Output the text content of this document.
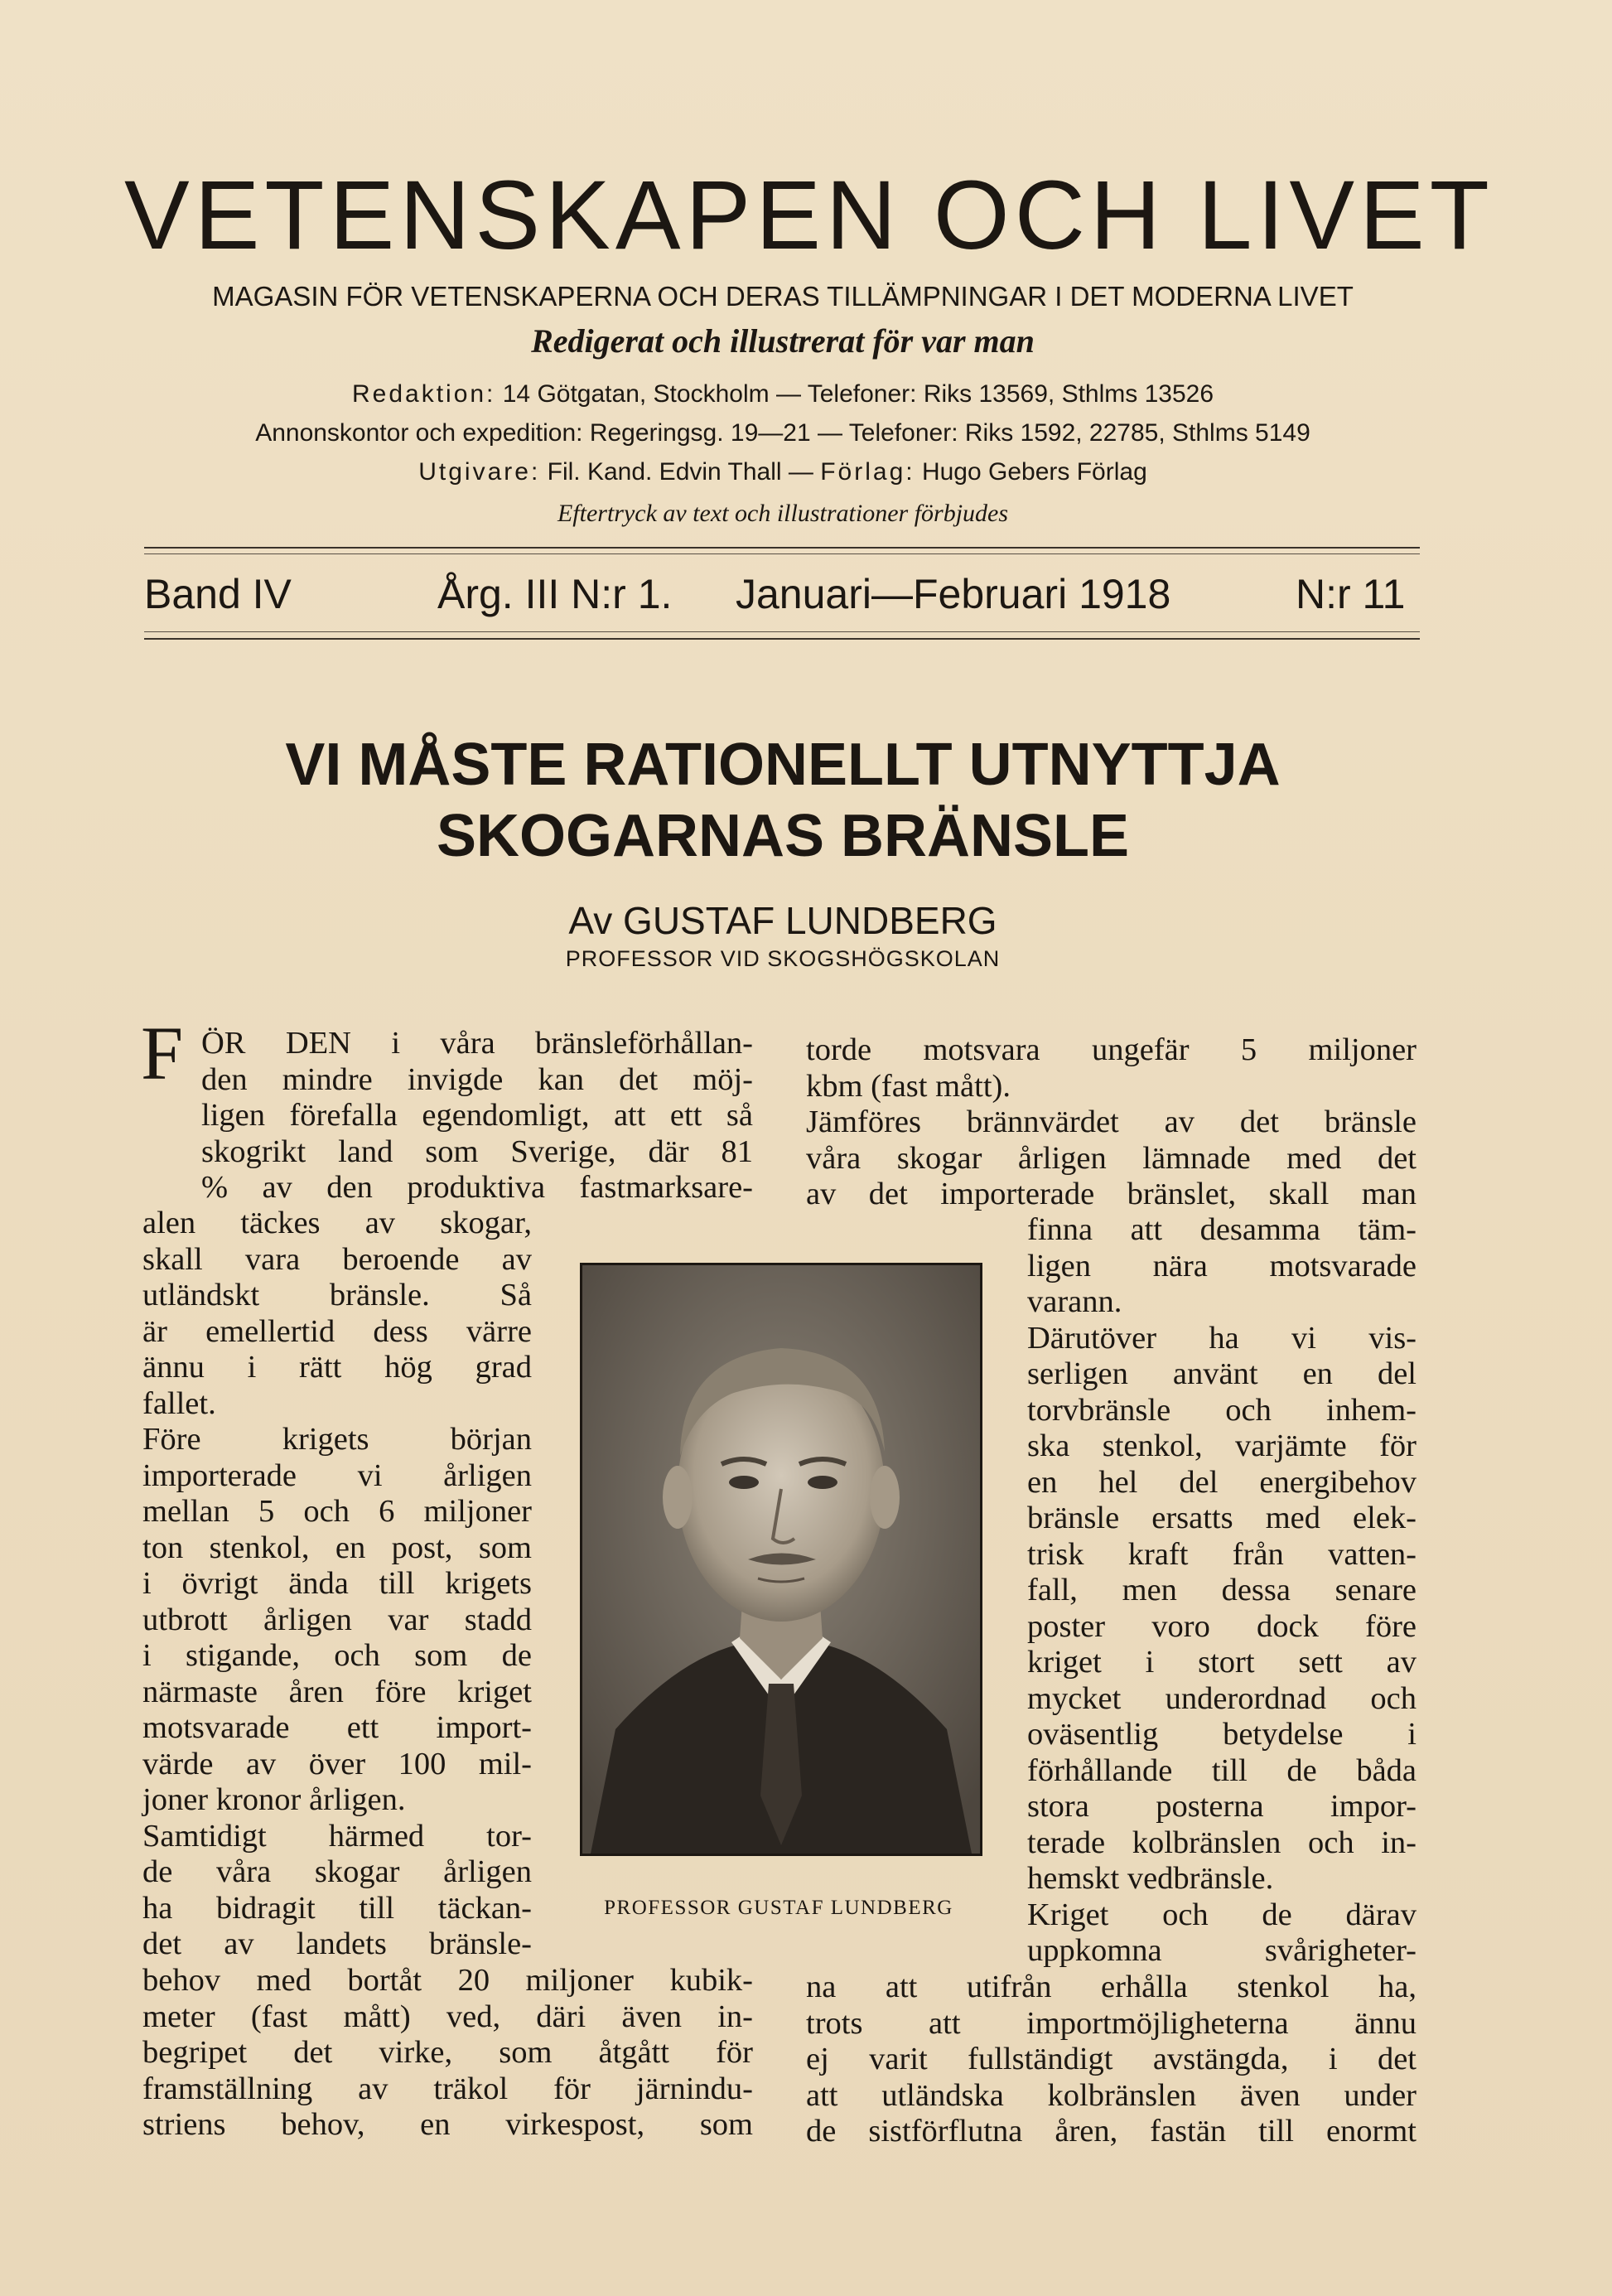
VETENSKAPEN OCH LIVET
MAGASIN FÖR VETENSKAPERNA OCH DERAS TILLÄMPNINGAR I DET MODERNA LIVET
Redigerat och illustrerat för var man
Redaktion: 14 Götgatan, Stockholm — Telefoner: Riks 13569, Sthlms 13526
Annonskontor och expedition: Regeringsg. 19—21 — Telefoner: Riks 1592, 22785, Sthlms 5149
Utgivare: Fil. Kand. Edvin Thall — Förlag: Hugo Gebers Förlag
Eftertryck av text och illustrationer förbjudes
Band IV	Årg. III N:r 1. Januari—Februari 1918	N:r 11
VI MÅSTE RATIONELLT UTNYTTJA
SKOGARNAS BRÄNSLE
Av GUSTAF LUNDBERG
PROFESSOR VID SKOGSHÖGSKOLAN
F ÖR DEN i våra bränsleförhållan-
den mindre invigde kan det möj-
ligen förefalla egendomligt, att ett så
skogrikt land som Sverige, där 81
% av den produktiva fastmarksare-
alen täckes av skogar,
skall vara beroende av
utländskt bränsle. Så
är emellertid dess värre
ännu i rätt hög grad
fallet.
Före krigets början
importerade vi årligen
mellan 5 och 6 miljoner
ton stenkol, en post, som
i övrigt ända till krigets
utbrott årligen var stadd
i stigande, och som de
närmaste åren före kriget
motsvarade ett import-
värde av över 100 mil-
joner kronor årligen.
Samtidigt härmed tor-
de våra skogar årligen
ha bidragit till täckan-
det av landets bränsle-
behov med bortåt 20 miljoner kubik-
meter (fast mått) ved, däri även in-
begripet det virke, som åtgått för
framställning av träkol för järnindu-
striens behov, en virkespost, som
torde motsvara ungefär 5 miljoner
kbm (fast mått).
Jämföres brännvärdet av det bränsle
våra skogar årligen lämnade med det
av det importerade bränslet, skall man
finna att desamma täm-
ligen nära motsvarade
varann.
Därutöver ha vi vis-
serligen använt en del
torvbränsle och inhem-
ska stenkol, varjämte för
en hel del energibehov
bränsle ersatts med elek-
trisk kraft från vatten-
fall, men dessa senare
poster voro dock före
kriget i stort sett av
mycket underordnad och
oväsentlig betydelse i
förhållande till de båda
stora posterna impor-
terade kolbränslen och in-
hemskt vedbränsle.
Kriget och de därav
uppkomna svårigheter-
na att utifrån erhålla stenkol ha,
trots att importmöjligheterna ännu
ej varit fullständigt avstängda, i det
att utländska kolbränslen även under
de sistförflutna åren, fastän till enormt
PROFESSOR GUSTAF LUNDBERG
